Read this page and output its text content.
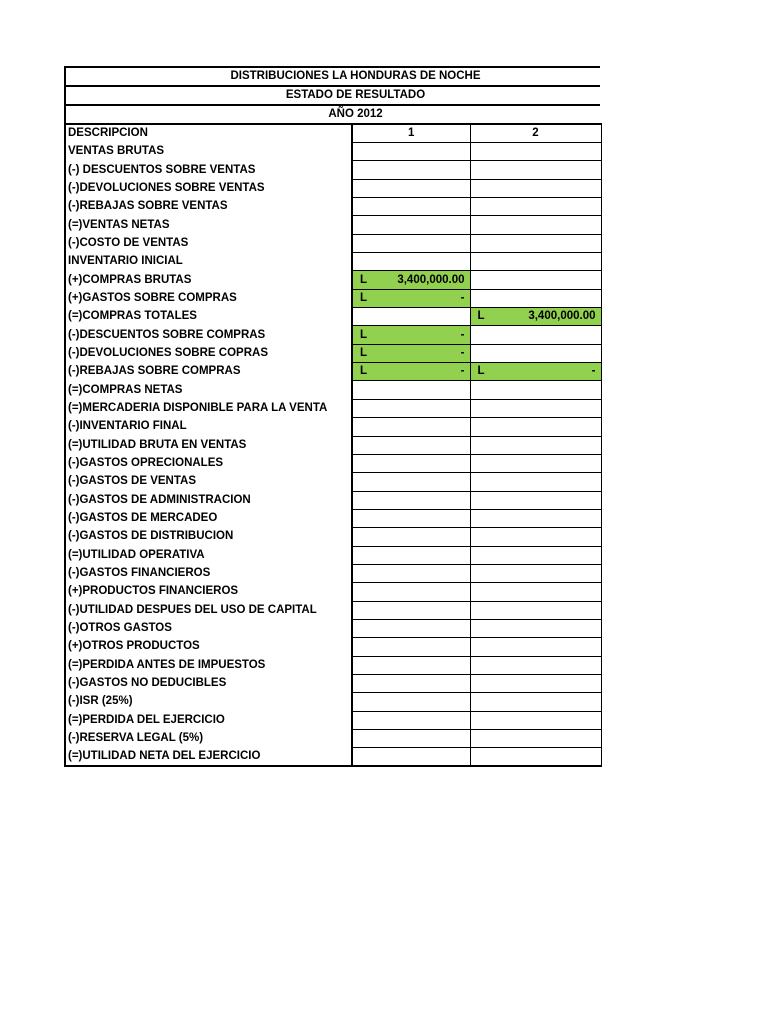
DISTRIBUCIONES LA HONDURAS DE NOCHE
ESTADO DE RESULTADO
AÑO 2012
DESCRIPCION	1	2
VENTAS BRUTAS		
(-) DESCUENTOS SOBRE VENTAS		
(-)DEVOLUCIONES SOBRE VENTAS		
(-)REBAJAS SOBRE VENTAS		
(=)VENTAS NETAS		
(-)COSTO DE VENTAS		
INVENTARIO INICIAL		
(+)COMPRAS BRUTAS	L 3,400,000.00	

(+)GASTOS SOBRE COMPRAS	L -	

(=)COMPRAS TOTALES		L 3,400,000.00

(-)DESCUENTOS SOBRE COMPRAS	L -	

(-)DEVOLUCIONES SOBRE COPRAS	L -	

(-)REBAJAS SOBRE COMPRAS	L -	L -

(=)COMPRAS NETAS		
(=)MERCADERIA DISPONIBLE PARA LA VENTA		
(-)INVENTARIO FINAL		
(=)UTILIDAD BRUTA EN VENTAS		
(-)GASTOS OPRECIONALES		
(-)GASTOS DE VENTAS		
(-)GASTOS DE ADMINISTRACION		
(-)GASTOS DE MERCADEO		
(-)GASTOS DE DISTRIBUCION		
(=)UTILIDAD OPERATIVA		
(-)GASTOS FINANCIEROS		
(+)PRODUCTOS FINANCIEROS		
(-)UTILIDAD DESPUES DEL USO DE CAPITAL		
(-)OTROS GASTOS		
(+)OTROS PRODUCTOS		
(=)PERDIDA ANTES DE IMPUESTOS		
(-)GASTOS NO DEDUCIBLES		
(-)ISR (25%)		
(=)PERDIDA DEL EJERCICIO		
(-)RESERVA LEGAL (5%)		
(=)UTILIDAD NETA DEL EJERCICIO		
